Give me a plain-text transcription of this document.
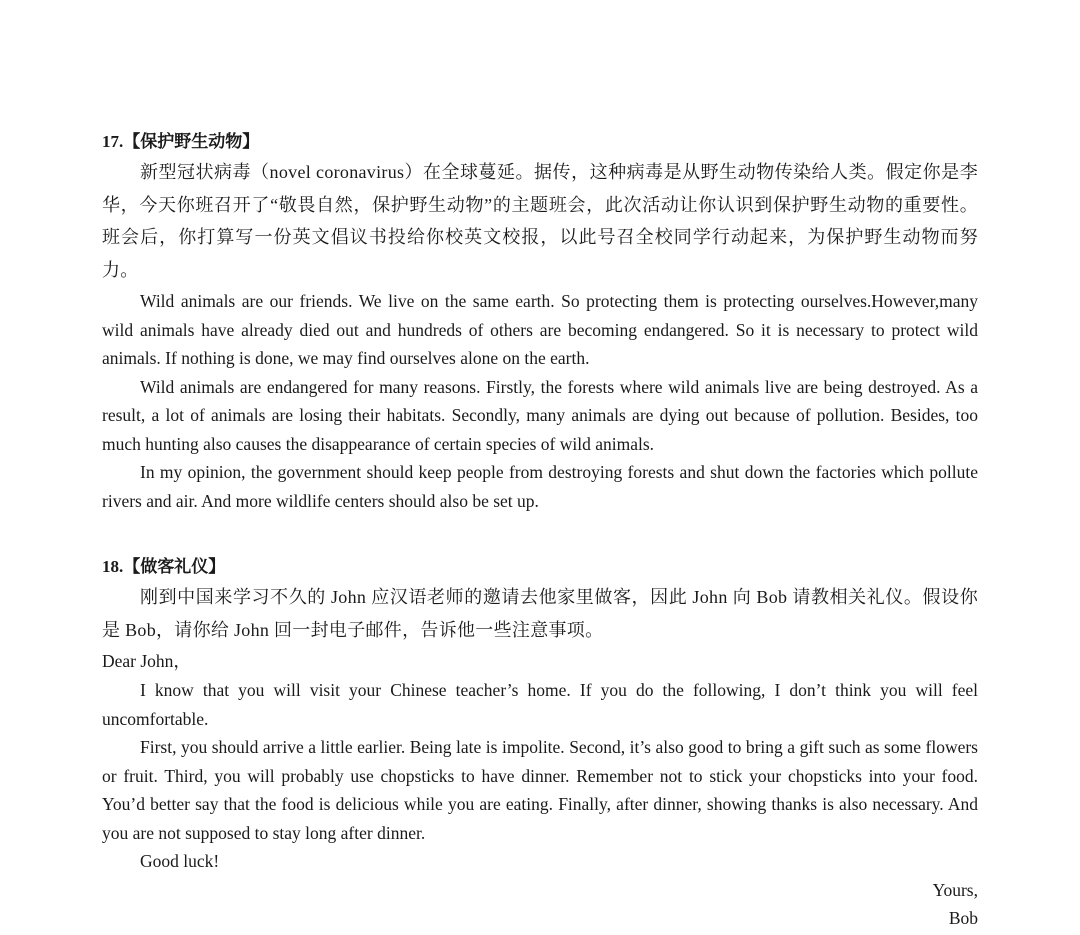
17.【保护野生动物】

新型冠状病毒（novel coronavirus）在全球蔓延。据传，这种病毒是从野生动物传染给人类。假定你是李华，今天你班召开了“敬畏自然，保护野生动物”的主题班会，此次活动让你认识到保护野生动物的重要性。班会后，你打算写一份英文倡议书投给你校英文校报，以此号召全校同学行动起来，为保护野生动物而努力。

Wild animals are our friends. We live on the same earth. So protecting them is protecting ourselves.However,many wild animals have already died out and hundreds of others are becoming endangered. So it is necessary to protect wild animals. If nothing is done, we may find ourselves alone on the earth.

Wild animals are endangered for many reasons. Firstly, the forests where wild animals live are being destroyed. As a result, a lot of animals are losing their habitats. Secondly, many animals are dying out because of pollution. Besides, too much hunting also causes the disappearance of certain species of wild animals.

In my opinion, the government should keep people from destroying forests and shut down the factories which pollute rivers and air. And more wildlife centers should also be set up.

18.【做客礼仪】

刚到中国来学习不久的 John 应汉语老师的邀请去他家里做客，因此 John 向 Bob 请教相关礼仪。假设你是 Bob，请你给 John 回一封电子邮件，告诉他一些注意事项。

Dear John，

I know that you will visit your Chinese teacher’s home. If you do the following, I don’t think you will feel uncomfortable.

First, you should arrive a little earlier. Being late is impolite. Second, it’s also good to bring a gift such as some flowers or fruit. Third, you will probably use chopsticks to have dinner. Remember not to stick your chopsticks into your food. You’d better say that the food is delicious while you are eating. Finally, after dinner, showing thanks is also necessary. And you are not supposed to stay long after dinner.

Good luck!

Yours,

Bob
